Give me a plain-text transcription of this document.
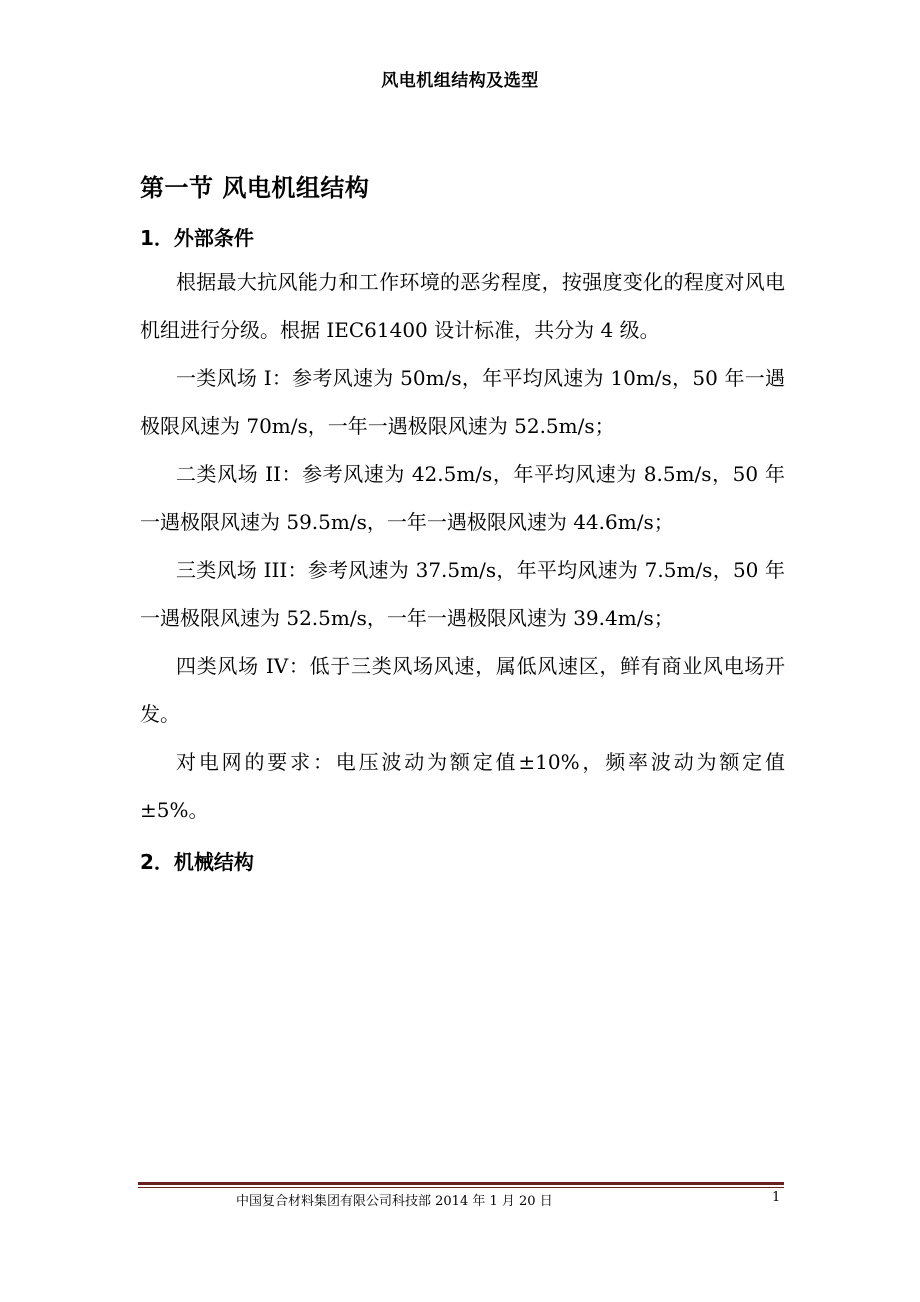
风电机组结构及选型
第一节 风电机组结构
1．外部条件
根据最大抗风能力和工作环境的恶劣程度，按强度变化的程度对风电机组进行分级。根据 IEC61400 设计标准，共分为 4 级。
一类风场 I：参考风速为 50m/s，年平均风速为 10m/s，50 年一遇极限风速为 70m/s，一年一遇极限风速为 52.5m/s；
二类风场 II：参考风速为 42.5m/s，年平均风速为 8.5m/s，50 年一遇极限风速为 59.5m/s，一年一遇极限风速为 44.6m/s；
三类风场 III：参考风速为 37.5m/s，年平均风速为 7.5m/s，50 年一遇极限风速为 52.5m/s，一年一遇极限风速为 39.4m/s；
四类风场 IV：低于三类风场风速，属低风速区，鲜有商业风电场开发。
对电网的要求：电压波动为额定值±10%，频率波动为额定值±5%。
2．机械结构
中国复合材料集团有限公司科技部 2014 年 1 月 20 日	1
